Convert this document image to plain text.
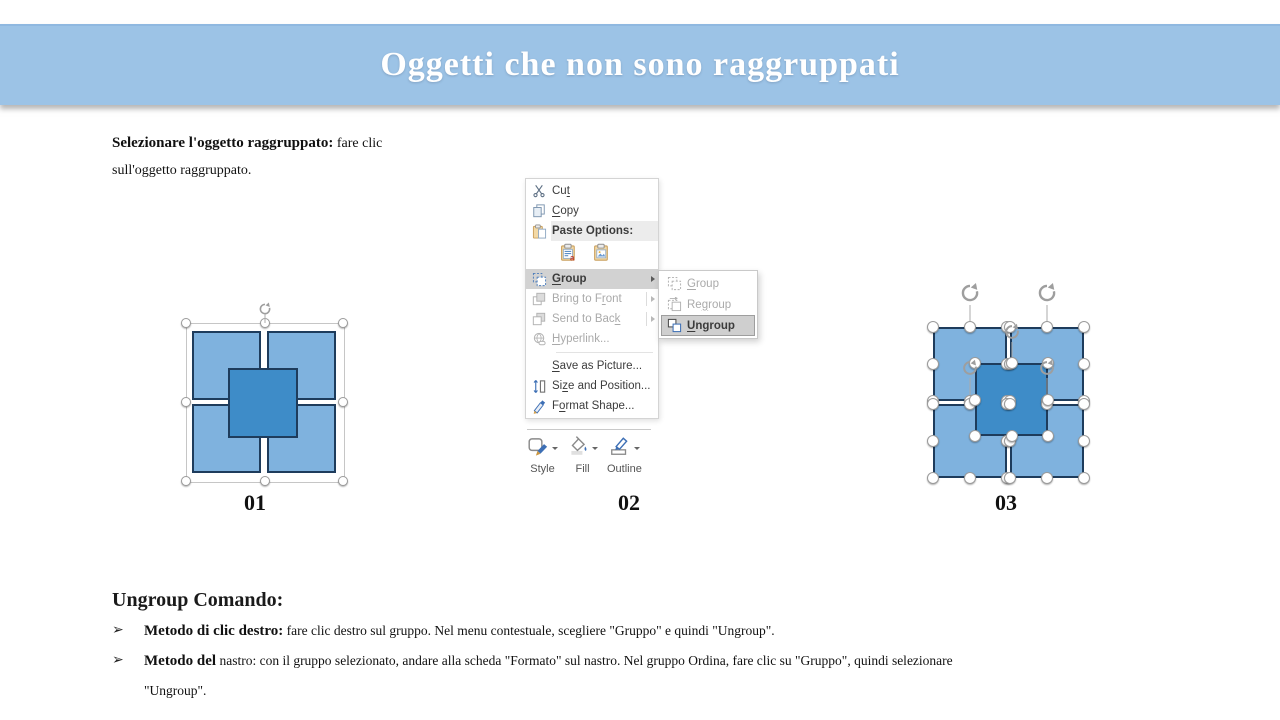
Oggetti che non sono raggruppati

Selezionare l'oggetto raggruppato: fare clic sull'oggetto raggruppato.

01
Cut
Copy
Paste Options:
a
Group
Bring to Front
Send to Back
Hyperlink...
Save as Picture...
Size and Position...
Format Shape...
Group
Regroup
Ungroup
Style Fill Outline
02	03
Ungroup Comando:
➢	Metodo di clic destro: fare clic destro sul gruppo. Nel menu contestuale, scegliere "Gruppo" e quindi "Ungroup".
➢	Metodo del nastro: con il gruppo selezionato, andare alla scheda "Formato" sul nastro. Nel gruppo Ordina, fare clic su "Gruppo", quindi selezionare "Ungroup".
